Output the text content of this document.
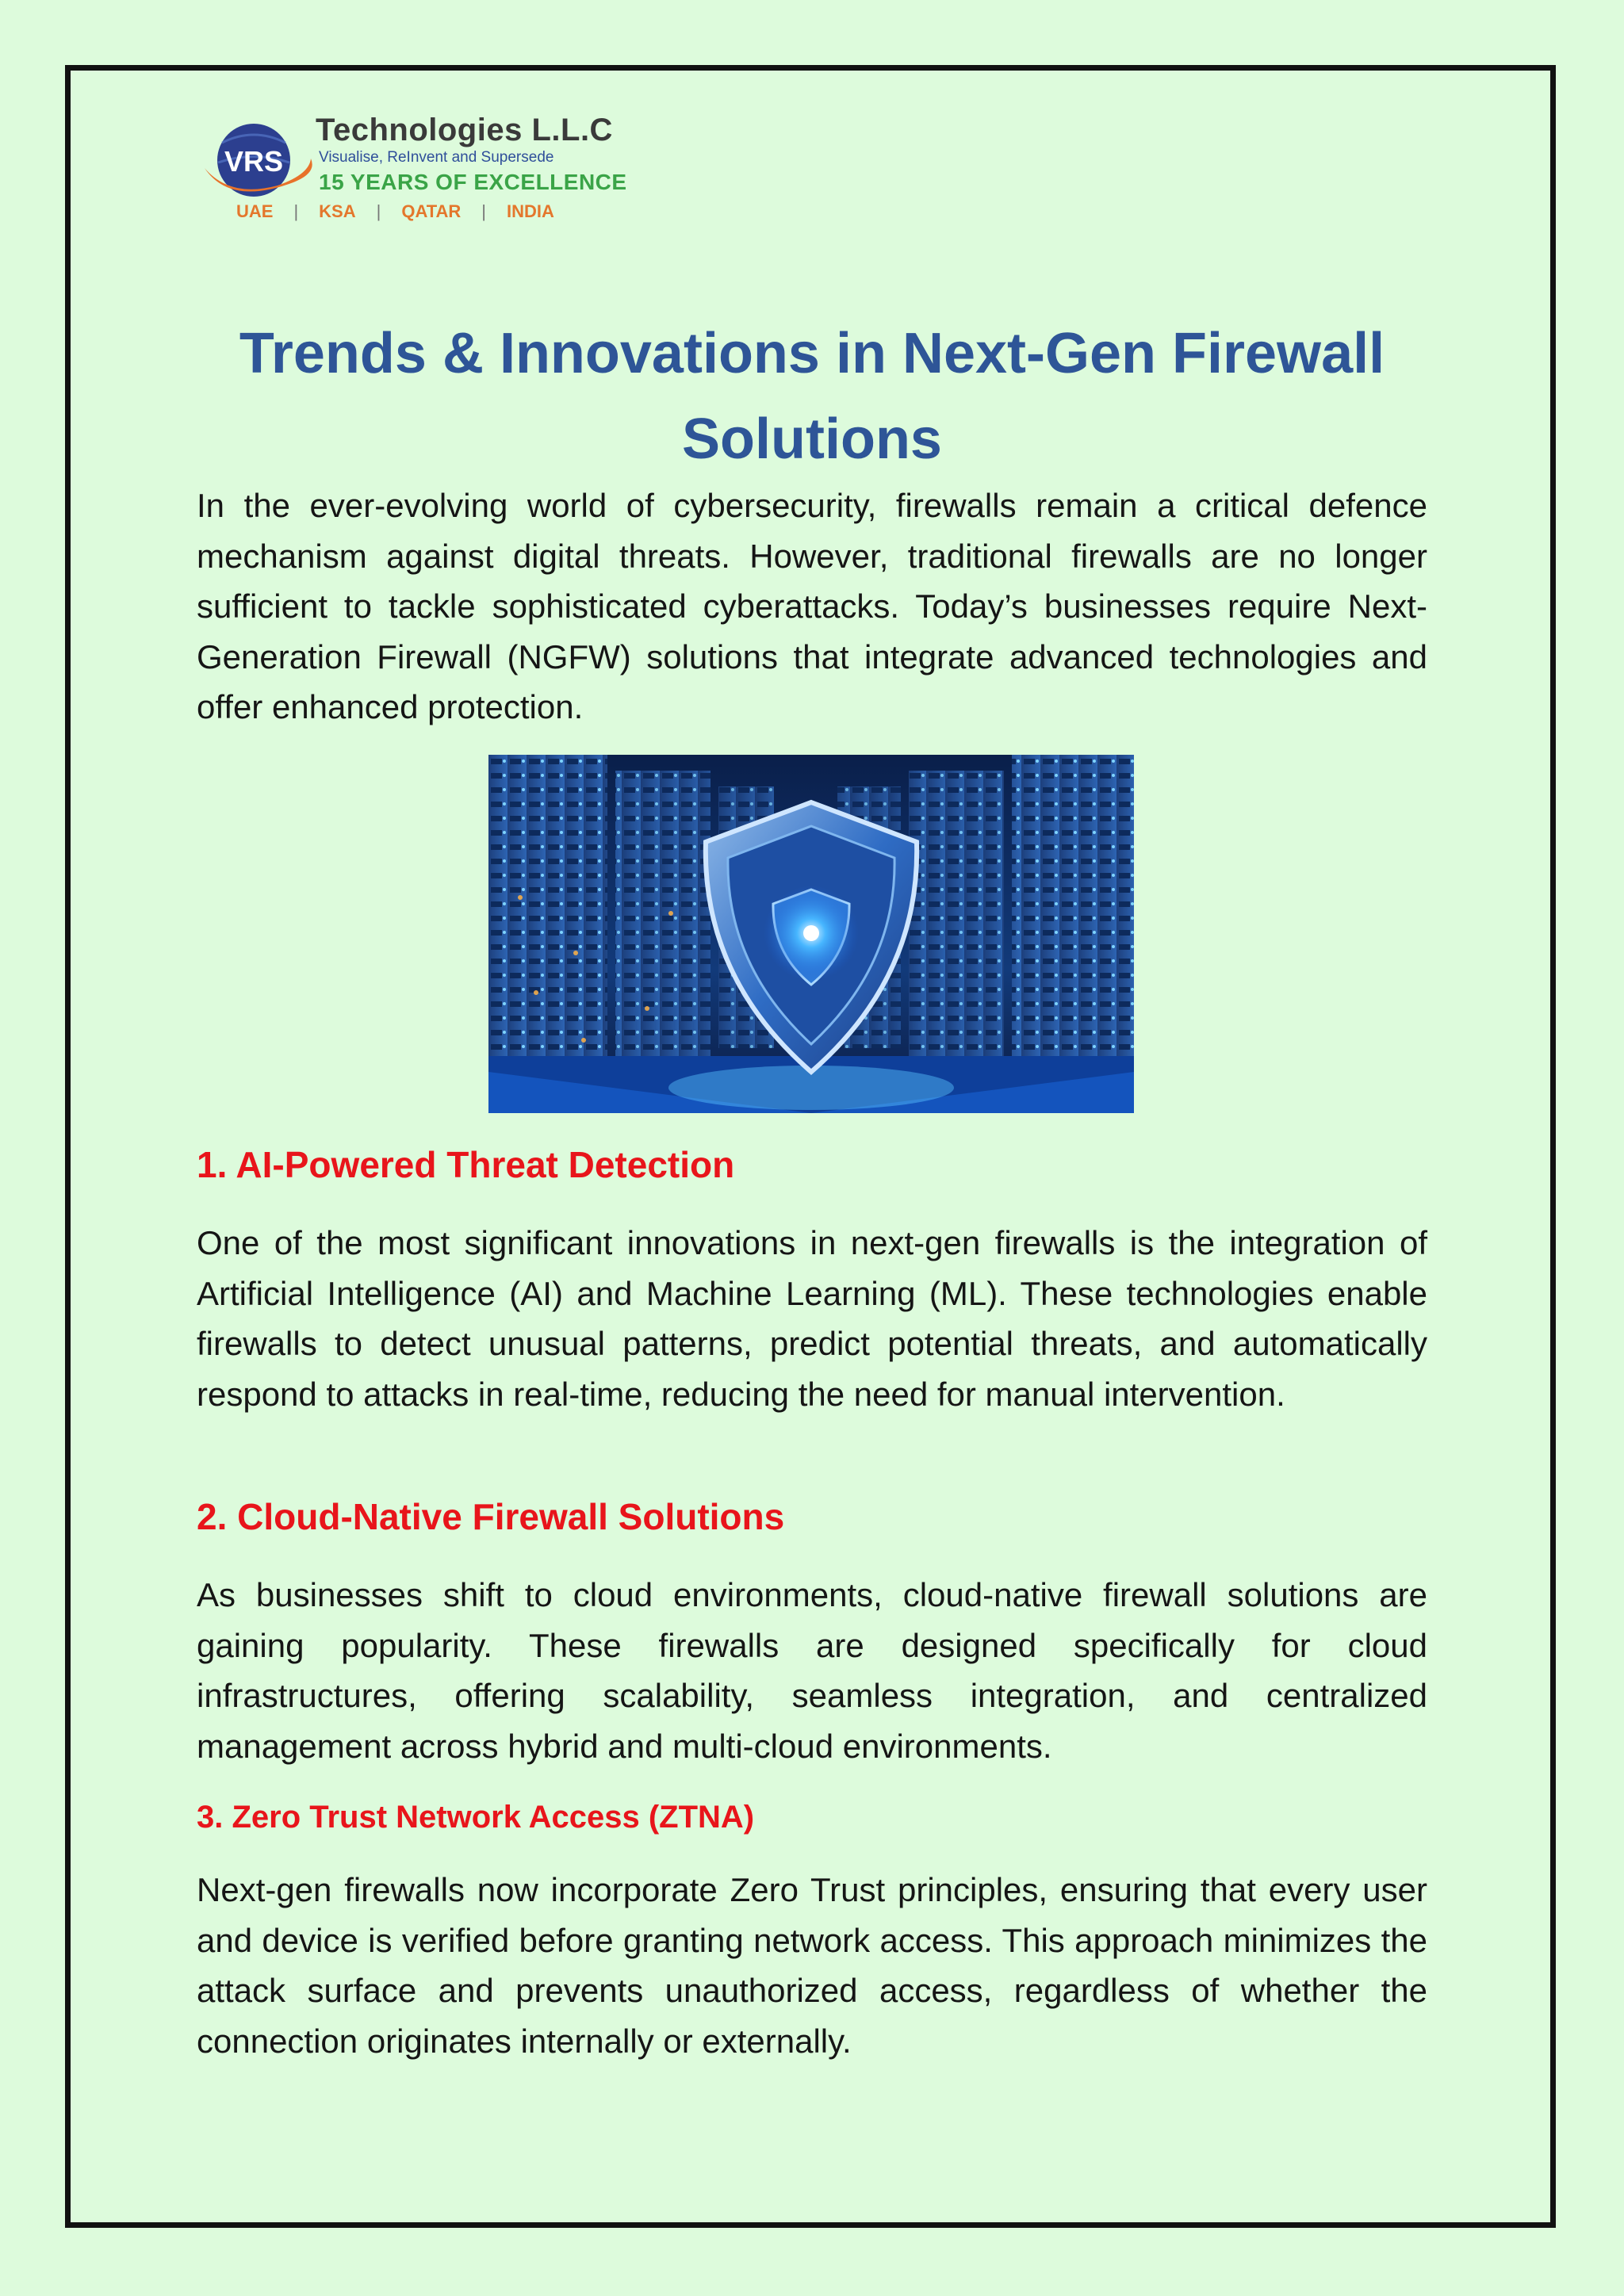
VRS
Technologies L.L.C
Visualise, ReInvent and Supersede
15 YEARS OF EXCELLENCE
UAE | KSA | QATAR | INDIA
Trends & Innovations in Next-Gen Firewall Solutions

In the ever-evolving world of cybersecurity, firewalls remain a critical defence mechanism against digital threats. However, traditional firewalls are no longer sufficient to tackle sophisticated cyberattacks. Today’s businesses require Next-Generation Firewall (NGFW) solutions that integrate advanced technologies and offer enhanced protection.

1. AI-Powered Threat Detection

One of the most significant innovations in next-gen firewalls is the integration of Artificial Intelligence (AI) and Machine Learning (ML). These technologies enable firewalls to detect unusual patterns, predict potential threats, and automatically respond to attacks in real-time, reducing the need for manual intervention.

2. Cloud-Native Firewall Solutions

As businesses shift to cloud environments, cloud-native firewall solutions are gaining popularity. These firewalls are designed specifically for cloud infrastructures, offering scalability, seamless integration, and centralized management across hybrid and multi-cloud environments.

3. Zero Trust Network Access (ZTNA)

Next-gen firewalls now incorporate Zero Trust principles, ensuring that every user and device is verified before granting network access. This approach minimizes the attack surface and prevents unauthorized access, regardless of whether the connection originates internally or externally.
